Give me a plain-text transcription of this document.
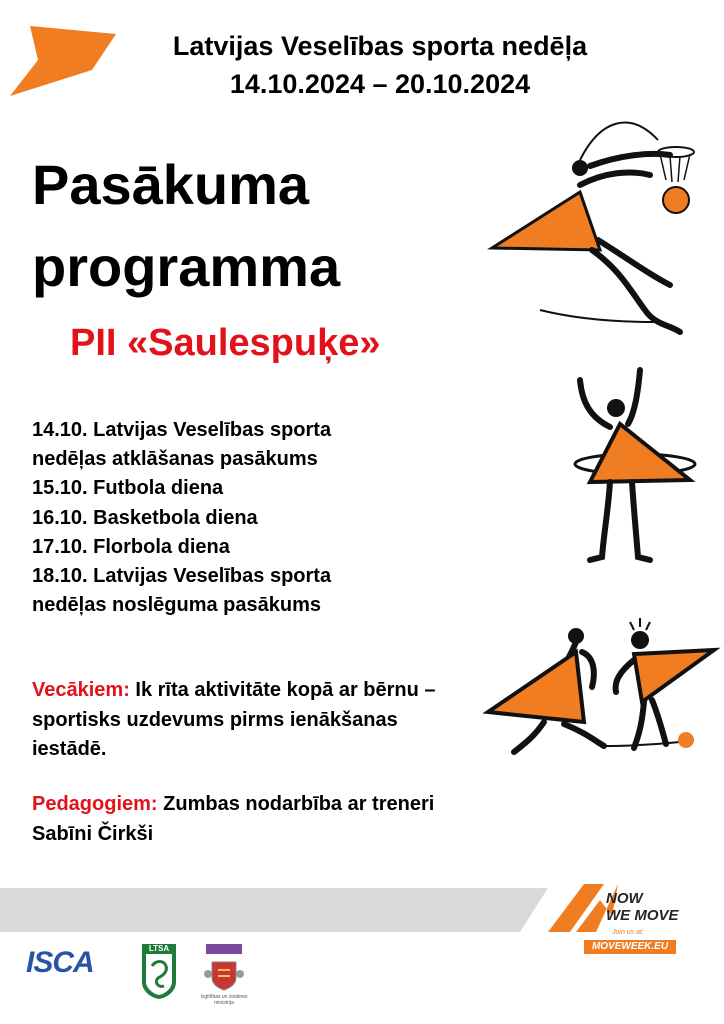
Latvijas Veselības sporta nedēļa
14.10.2024 – 20.10.2024
Pasākuma
programma
PII «Saulespuķe»
14.10. Latvijas Veselības sporta
nedēļas atklāšanas pasākums
15.10. Futbola diena
16.10. Basketbola diena
17.10. Florbola diena
18.10. Latvijas Veselības sporta
nedēļas noslēguma pasākums
Vecākiem: Ik rīta aktivitāte kopā ar bērnu – sportisks uzdevums pirms ienākšanas iestādē.
Pedagogiem: Zumbas nodarbība ar treneri Sabīni Čirkši
NOW
WE MOVE
Join us at:
MOVEWEEK.EU
ISCA	LTSA
Izglītības un zinātnes ministrija
